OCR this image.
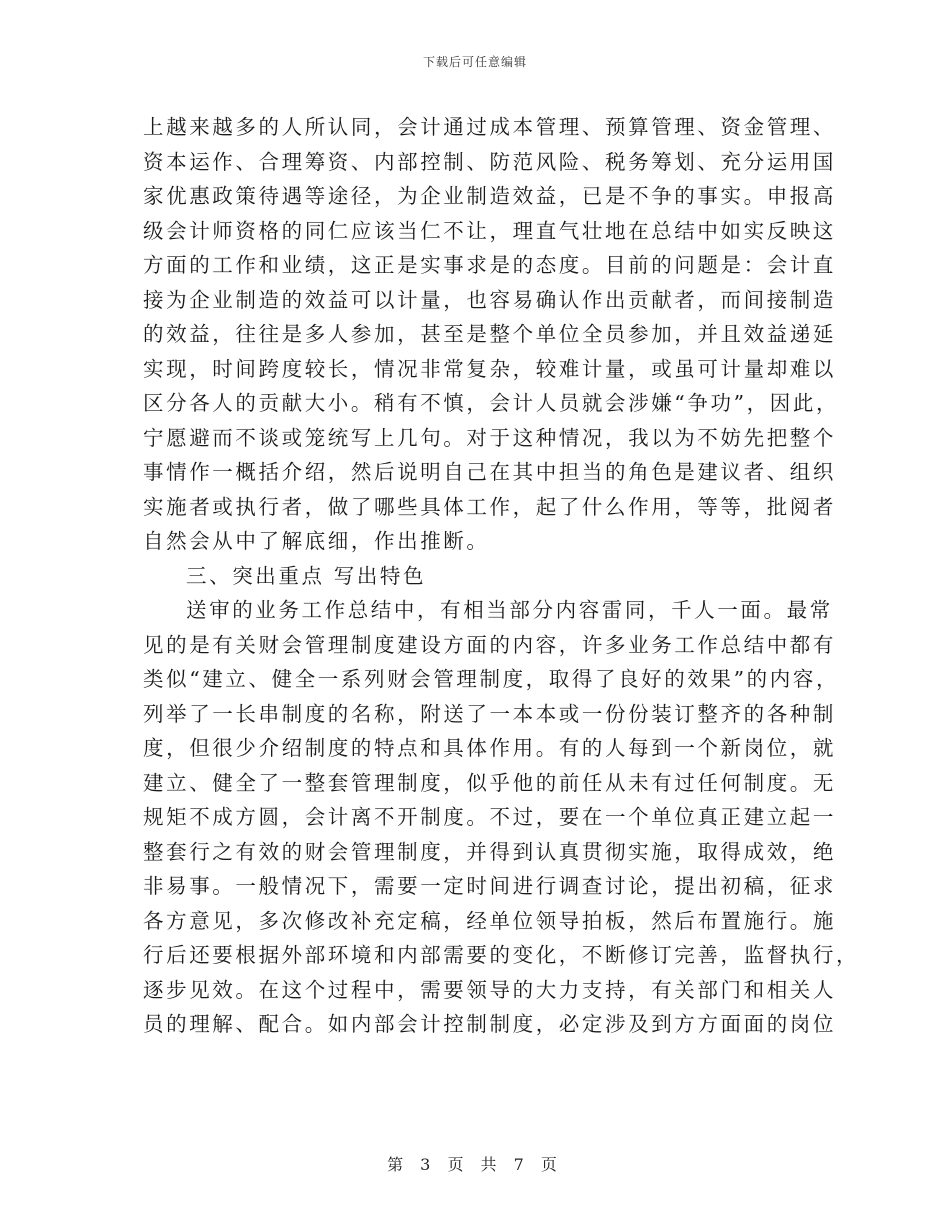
下载后可任意编辑
上越来越多的人所认同，会计通过成本管理、预算管理、资金管理、
资本运作、合理筹资、内部控制、防范风险、税务筹划、充分运用国
家优惠政策待遇等途径，为企业制造效益，已是不争的事实。申报高
级会计师资格的同仁应该当仁不让，理直气壮地在总结中如实反映这
方面的工作和业绩，这正是实事求是的态度。目前的问题是：会计直
接为企业制造的效益可以计量，也容易确认作出贡献者，而间接制造
的效益，往往是多人参加，甚至是整个单位全员参加，并且效益递延
实现，时间跨度较长，情况非常复杂，较难计量，或虽可计量却难以
区分各人的贡献大小。稍有不慎，会计人员就会涉嫌“争功”，因此，
宁愿避而不谈或笼统写上几句。对于这种情况，我以为不妨先把整个
事情作一概括介绍，然后说明自己在其中担当的角色是建议者、组织
实施者或执行者，做了哪些具体工作，起了什么作用，等等，批阅者
自然会从中了解底细，作出推断。
三、突出重点 写出特色
送审的业务工作总结中，有相当部分内容雷同，千人一面。最常
见的是有关财会管理制度建设方面的内容，许多业务工作总结中都有
类似“建立、健全一系列财会管理制度，取得了良好的效果”的内容，
列举了一长串制度的名称，附送了一本本或一份份装订整齐的各种制
度，但很少介绍制度的特点和具体作用。有的人每到一个新岗位，就
建立、健全了一整套管理制度，似乎他的前任从未有过任何制度。无
规矩不成方圆，会计离不开制度。不过，要在一个单位真正建立起一
整套行之有效的财会管理制度，并得到认真贯彻实施，取得成效，绝
非易事。一般情况下，需要一定时间进行调查讨论，提出初稿，征求
各方意见，多次修改补充定稿，经单位领导拍板，然后布置施行。施
行后还要根据外部环境和内部需要的变化，不断修订完善，监督执行，
逐步见效。在这个过程中，需要领导的大力支持，有关部门和相关人
员的理解、配合。如内部会计控制制度，必定涉及到方方面面的岗位
第 3 页 共 7 页
